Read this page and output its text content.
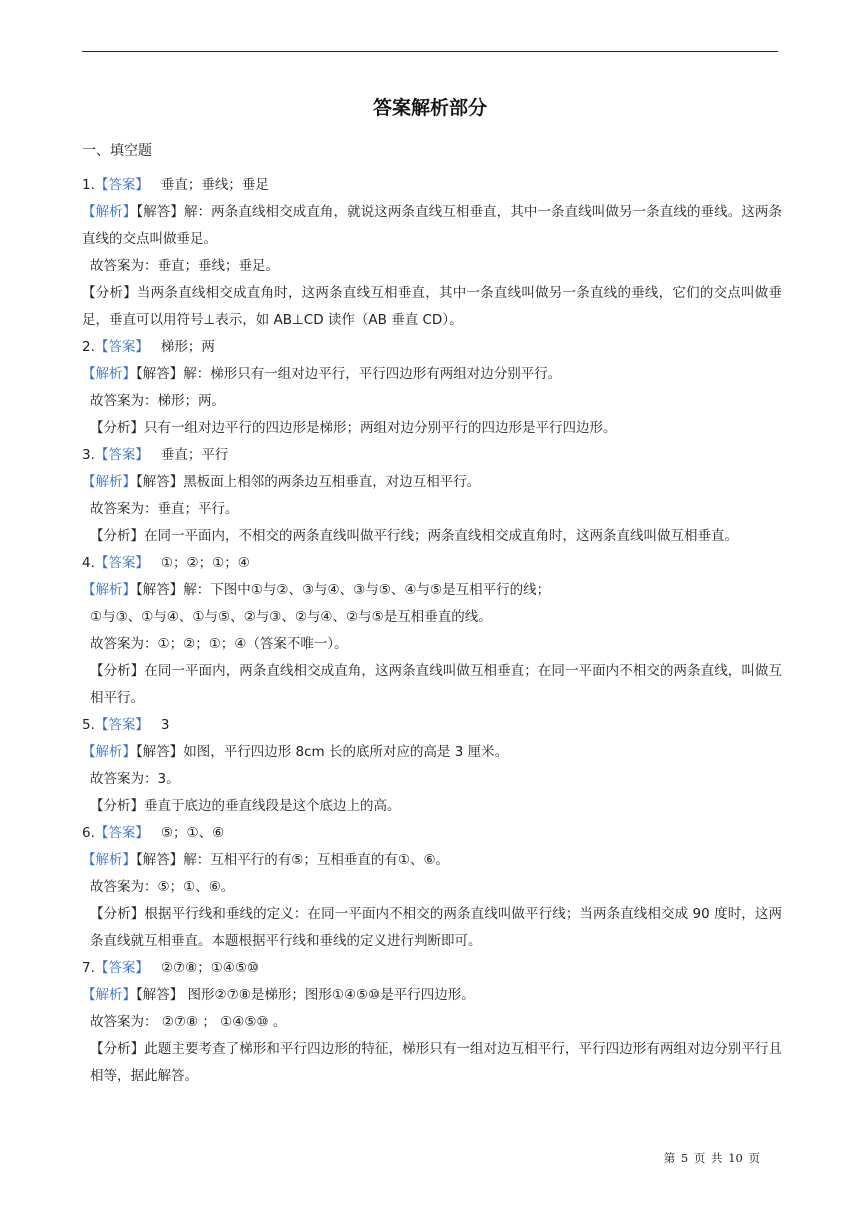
答案解析部分
一、填空题
1.【答案】 垂直；垂线；垂足
【解析】【解答】解：两条直线相交成直角，就说这两条直线互相垂直，其中一条直线叫做另一条直线的垂线。这两条直线的交点叫做垂足。
故答案为：垂直；垂线；垂足。
【分析】当两条直线相交成直角时，这两条直线互相垂直，其中一条直线叫做另一条直线的垂线，它们的交点叫做垂足，垂直可以用符号⊥表示，如 AB⊥CD 读作（AB 垂直 CD）。
2.【答案】 梯形；两
【解析】【解答】解：梯形只有一组对边平行，平行四边形有两组对边分别平行。
故答案为：梯形；两。
【分析】只有一组对边平行的四边形是梯形；两组对边分别平行的四边形是平行四边形。
3.【答案】 垂直；平行
【解析】【解答】黑板面上相邻的两条边互相垂直，对边互相平行。
故答案为：垂直；平行。
【分析】在同一平面内，不相交的两条直线叫做平行线；两条直线相交成直角时，这两条直线叫做互相垂直。
4.【答案】 ①；②；①；④
【解析】【解答】解：下图中①与②、③与④、③与⑤、④与⑤是互相平行的线；
①与③、①与④、①与⑤、②与③、②与④、②与⑤是互相垂直的线。
故答案为：①；②；①；④（答案不唯一）。
【分析】在同一平面内，两条直线相交成直角，这两条直线叫做互相垂直；在同一平面内不相交的两条直线，叫做互相平行。
5.【答案】 3
【解析】【解答】如图，平行四边形 8cm 长的底所对应的高是 3 厘米。
故答案为：3。
【分析】垂直于底边的垂直线段是这个底边上的高。
6.【答案】 ⑤；①、⑥
【解析】【解答】解：互相平行的有⑤；互相垂直的有①、⑥。
故答案为：⑤；①、⑥。
【分析】根据平行线和垂线的定义：在同一平面内不相交的两条直线叫做平行线；当两条直线相交成 90 度时，这两条直线就互相垂直。本题根据平行线和垂线的定义进行判断即可。
7.【答案】 ②⑦⑧；①④⑤⑩
【解析】【解答】 图形②⑦⑧是梯形；图形①④⑤⑩是平行四边形。
故答案为： ②⑦⑧ ； ①④⑤⑩ 。
【分析】此题主要考查了梯形和平行四边形的特征，梯形只有一组对边互相平行，平行四边形有两组对边分别平行且相等，据此解答。
第 5 页 共 10 页
